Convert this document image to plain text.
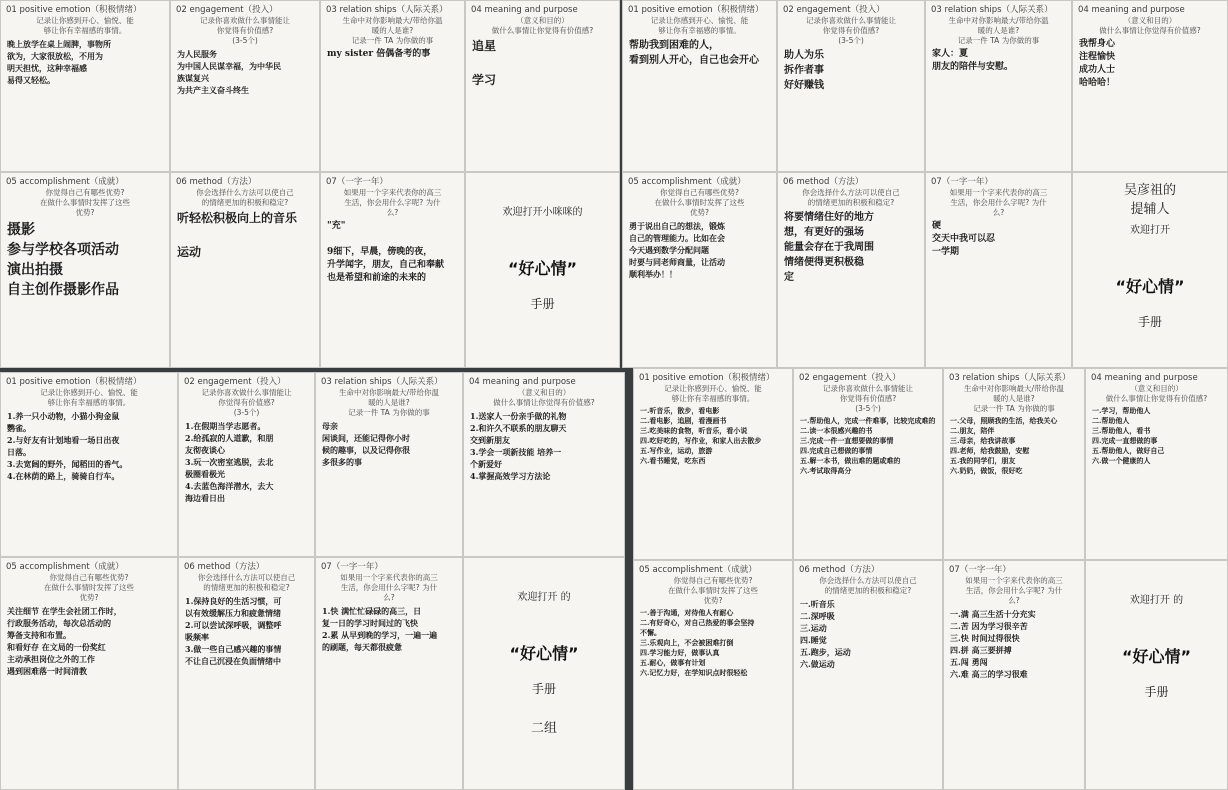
01 positive emotion（积极情绪）
记录让你感到开心、愉悦、能
够让你有幸福感的事情。
晚上放学在桌上闹脾，事物所
欲为，大家很放松，不用为
明天担忧，这种幸福感
易得又轻松。
02 engagement（投入）
记录你喜欢做什么事情能让
你觉得有价值感?
(3-5个)
为人民服务
为中国人民谋幸福，为中华民
族谋复兴
为共产主义奋斗终生
03 relation ships（人际关系）
生命中对你影响最大/带给你温
暖的人是谁?
记录一件 TA 为你做的事
my sister 倍偶备考的事
04 meaning and purpose
（意义和目的）
做什么事情让你觉得有价值感?
追星

学习
05 accomplishment（成就）
你觉得自己有哪些优势?
在做什么事情时发挥了这些
优势?
摄影
参与学校各项活动
演出拍摄
自主创作摄影作品
06 method（方法）
你会选择什么方法可以使自己
的情绪更加的积极和稳定?
听轻松积极向上的音乐

运动
07（一字一年）
如果用一个字来代表你的高三
生活，你会用什么字呢? 为什
么?
"充"

9细下，早晨，傍晚的夜，
升学闻字，朋友，自己和奉献
也是希望和前途的未来的
欢迎打开小咪咪的
“好心情”
手册
01 positive emotion（积极情绪）
记录让你感到开心、愉悦、能
够让你有幸福感的事情。
帮助我到困难的人，
看到别人开心，自己也会开心
02 engagement（投入）
记录你喜欢做什么事情能让
你觉得有价值感?
(3-5个)
助人为乐
拆作者事
好好赚钱
03 relation ships（人际关系）
生命中对你影响最大/带给你温
暖的人是谁?
记录一件 TA 为你做的事
家人：夏
朋友的陪伴与安慰。
04 meaning and purpose
（意义和目的）
做什么事情让你觉得有价值感?
我帮身心
注程愉快
成功人士
哈哈哈！
05 accomplishment（成就）
你觉得自己有哪些优势?
在做什么事情时发挥了这些
优势?
勇于说出自己的想法，锻炼
自己的管理能力。比如在会
今天遇到数学分配问题
时要与同老师商量，让活动
顺利举办！！
06 method（方法）
你会选择什么方法可以使自己
的情绪更加的积极和稳定?
将要情绪住好的地方
想，有更好的强场
能量会存在于我周围
情绪便得更积极稳
定
07（一字一年）
如果用一个字来代表你的高三
生活，你会用什么字呢? 为什
么?
硬
交天中我可以忍
一学期
吴彦祖的
提辅人
欢迎打开
“好心情”
手册
01 positive emotion（积极情绪）
记录让你感到开心、愉悦、能
够让你有幸福感的事情。
1.养一只小动物，小猫小狗金鼠
鹦雀。
2.与好友有计划地看一场日出夜
日落。
3.去宽阔的野外，闻稻田的香气。
4.在林荫的路上，骑骑自行车。
02 engagement（投入）
记录你喜欢做什么事情能让
你觉得有价值感?
(3-5个)
1.在假期当学志愿者。
2.给孤寂的人道歉，和朋
友彻夜谈心
3.玩一次密室逃脱，去北
极圈看极光
4.去蓝色海洋潜水，去大
海边看日出
03 relation ships（人际关系）
生命中对你影响最大/带给你温
暖的人是谁?
记录一件 TA 为你做的事
母亲
闲谈间，还能记得你小时
候的趣事，以及记得你很
多很多的事
04 meaning and purpose
（意义和目的）
做什么事情让你觉得有价值感?
1.送家人一份亲手做的礼物
2.和许久不联系的朋友聊天
交到新朋友
3.学会一项新技能 培养一
个新爱好
4.掌握高效学习方法论
05 accomplishment（成就）
你觉得自己有哪些优势?
在做什么事情时发挥了这些
优势?
关注细节 在学生会社团工作时，
行政服务活动，每次总活动的
筹备支持和布置。
和看好存 在文局的一份奖红
主动承担岗位之外的工作
遇到困难落一时间清教
06 method（方法）
你会选择什么方法可以使自己
的情绪更加的积极和稳定?
1.保持良好的生活习惯，可
以有效缓解压力和疲惫情绪
2.可以尝试深呼吸，调整呼
吸频率
3.做一些自己感兴趣的事情
不让自己沉浸在负面情绪中
07（一字一年）
如果用一个字来代表你的高三
生活，你会用什么字呢? 为什
么?
1.快 满忙忙碌碌的高三，日
复一日的学习时间过的飞快
2.累 从早到晚的学习，一遍一遍
的刷题，每天都很疲惫
欢迎打开 的
“好心情”
手册
二组
01 positive emotion（积极情绪）
记录让你感到开心、愉悦、能
够让你有幸福感的事情。
一.听音乐，散步，看电影
二.看电影，追剧，看漫画书
三.吃美味的食物，听音乐，看小说
四.吃好吃的，写作业，和家人出去散步
五.写作业，运动，旅游
六.看书睡觉，吃东西
02 engagement（投入）
记录你喜欢做什么事情能让
你觉得有价值感?
(3-5个)
一.帮助他人，完成一件难事，比较完成难的
二.读一本很感兴趣的书
三.完成一件一直想要做的事情
四.完成自己想做的事情
五.解一本书，做出难的题或难的
六.考试取得高分
03 relation ships（人际关系）
生命中对你影响最大/带给你温
暖的人是谁?
记录一件 TA 为你做的事
一.父母，照顾我的生活，给我关心
二.朋友，陪伴
三.母亲，给我讲故事
四.老师，给我鼓励，安慰
五.我的同学们，朋友
六.奶奶，做饭，很好吃
04 meaning and purpose
（意义和目的）
做什么事情让你觉得有价值感?
一.学习，帮助他人
二.帮助他人
三.帮助他人，看书
四.完成一直想做的事
五.帮助他人，做好自己
六.做一个健康的人
05 accomplishment（成就）
你觉得自己有哪些优势?
在做什么事情时发挥了这些
优势?
一.善于沟通，对待他人有耐心
二.有好奇心，对自己热爱的事会坚持
不懈。
三.乐观向上，不会被困难打倒
四.学习能力好，做事认真
五.耐心，做事有计划
六.记忆力好，在学知识点时很轻松
06 method（方法）
你会选择什么方法可以使自己
的情绪更加的积极和稳定?
一.听音乐
二.深呼吸
三.运动
四.睡觉
五.跑步，运动
六.做运动
07（一字一年）
如果用一个字来代表你的高三
生活，你会用什么字呢? 为什
么?
一.满 高三生活十分充实
二.苦 因为学习很辛苦
三.快 时间过得很快
四.拼 高三要拼搏
五.闯 勇闯
六.难 高三的学习很难
欢迎打开 的
“好心情”
手册
